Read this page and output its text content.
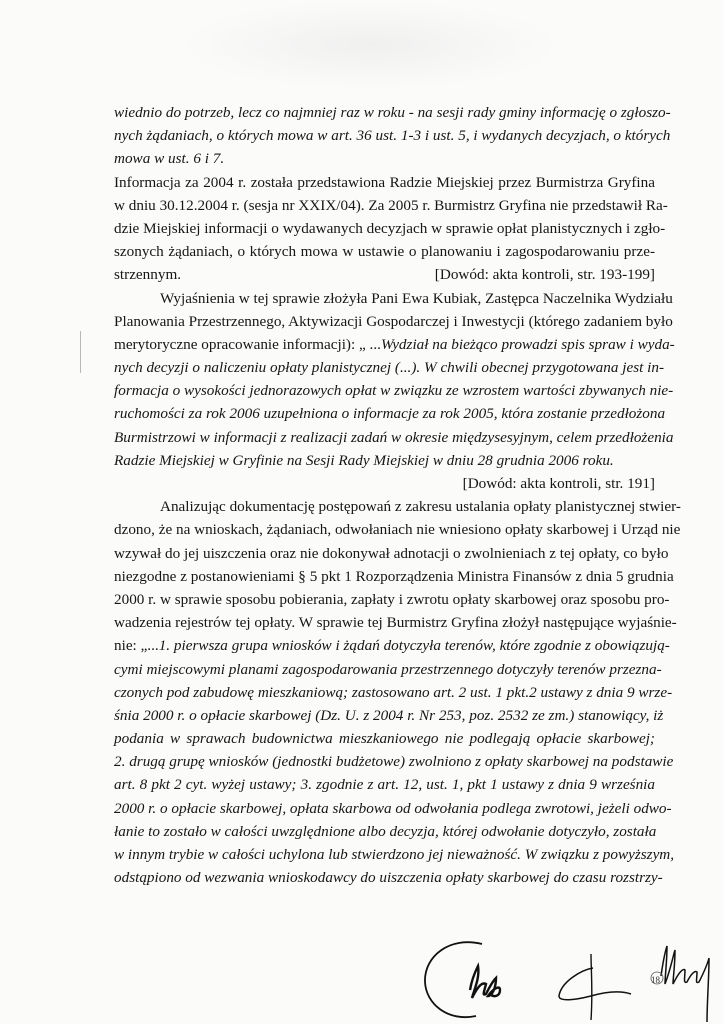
wiednio do potrzeb, lecz co najmniej raz w roku - na sesji rady gminy informację o zgłoszo-
nych żądaniach, o których mowa w art. 36 ust. 1-3 i ust. 5, i wydanych decyzjach, o których
mowa w ust. 6 i 7.
Informacja za 2004 r. została przedstawiona Radzie Miejskiej przez Burmistrza Gryfina
w dniu 30.12.2004 r. (sesja nr XXIX/04). Za 2005 r. Burmistrz Gryfina nie przedstawił Ra-
dzie Miejskiej informacji o wydawanych decyzjach w sprawie opłat planistycznych i zgło-
szonych żądaniach, o których mowa w ustawie o planowaniu i zagospodarowaniu prze-
strzennym.	[Dowód: akta kontroli, str. 193-199]
Wyjaśnienia w tej sprawie złożyła Pani Ewa Kubiak, Zastępca Naczelnika Wydziału
Planowania Przestrzennego, Aktywizacji Gospodarczej i Inwestycji (którego zadaniem było
merytoryczne opracowanie informacji): „ ...Wydział na bieżąco prowadzi spis spraw i wyda-
nych decyzji o naliczeniu opłaty planistycznej (...). W chwili obecnej przygotowana jest in-
formacja o wysokości jednorazowych opłat w związku ze wzrostem wartości zbywanych nie-
ruchomości za rok 2006 uzupełniona o informacje za rok 2005, która zostanie przedłożona
Burmistrzowi w informacji z realizacji zadań w okresie międzysesyjnym, celem przedłożenia
Radzie Miejskiej w Gryfinie na Sesji Rady Miejskiej w dniu 28 grudnia 2006 roku.
[Dowód: akta kontroli, str. 191]
Analizując dokumentację postępowań z zakresu ustalania opłaty planistycznej stwier-
dzono, że na wnioskach, żądaniach, odwołaniach nie wniesiono opłaty skarbowej i Urząd nie
wzywał do jej uiszczenia oraz nie dokonywał adnotacji o zwolnieniach z tej opłaty, co było
niezgodne z postanowieniami § 5 pkt 1 Rozporządzenia Ministra Finansów z dnia 5 grudnia
2000 r. w sprawie sposobu pobierania, zapłaty i zwrotu opłaty skarbowej oraz sposobu pro-
wadzenia rejestrów tej opłaty. W sprawie tej Burmistrz Gryfina złożył następujące wyjaśnie-
nie: „...1. pierwsza grupa wniosków i żądań dotyczyła terenów, które zgodnie z obowiązują-
cymi miejscowymi planami zagospodarowania przestrzennego dotyczyły terenów przezna-
czonych pod zabudowę mieszkaniową; zastosowano art. 2 ust. 1 pkt.2 ustawy z dnia 9 wrze-
śnia 2000 r. o opłacie skarbowej (Dz. U. z 2004 r. Nr 253, poz. 2532 ze zm.) stanowiący, iż
podania w sprawach budownictwa mieszkaniowego nie podlegają opłacie skarbowej;
2. drugą grupę wniosków (jednostki budżetowe) zwolniono z opłaty skarbowej na podstawie
art. 8 pkt 2 cyt. wyżej ustawy; 3. zgodnie z art. 12, ust. 1, pkt 1 ustawy z dnia 9 września
2000 r. o opłacie skarbowej, opłata skarbowa od odwołania podlega zwrotowi, jeżeli odwo-
łanie to zostało w całości uwzględnione albo decyzja, której odwołanie dotyczyło, została
w innym trybie w całości uchylona lub stwierdzono jej nieważność. W związku z powyższym,
odstąpiono od wezwania wnioskodawcy do uiszczenia opłaty skarbowej do czasu rozstrzy-
18
